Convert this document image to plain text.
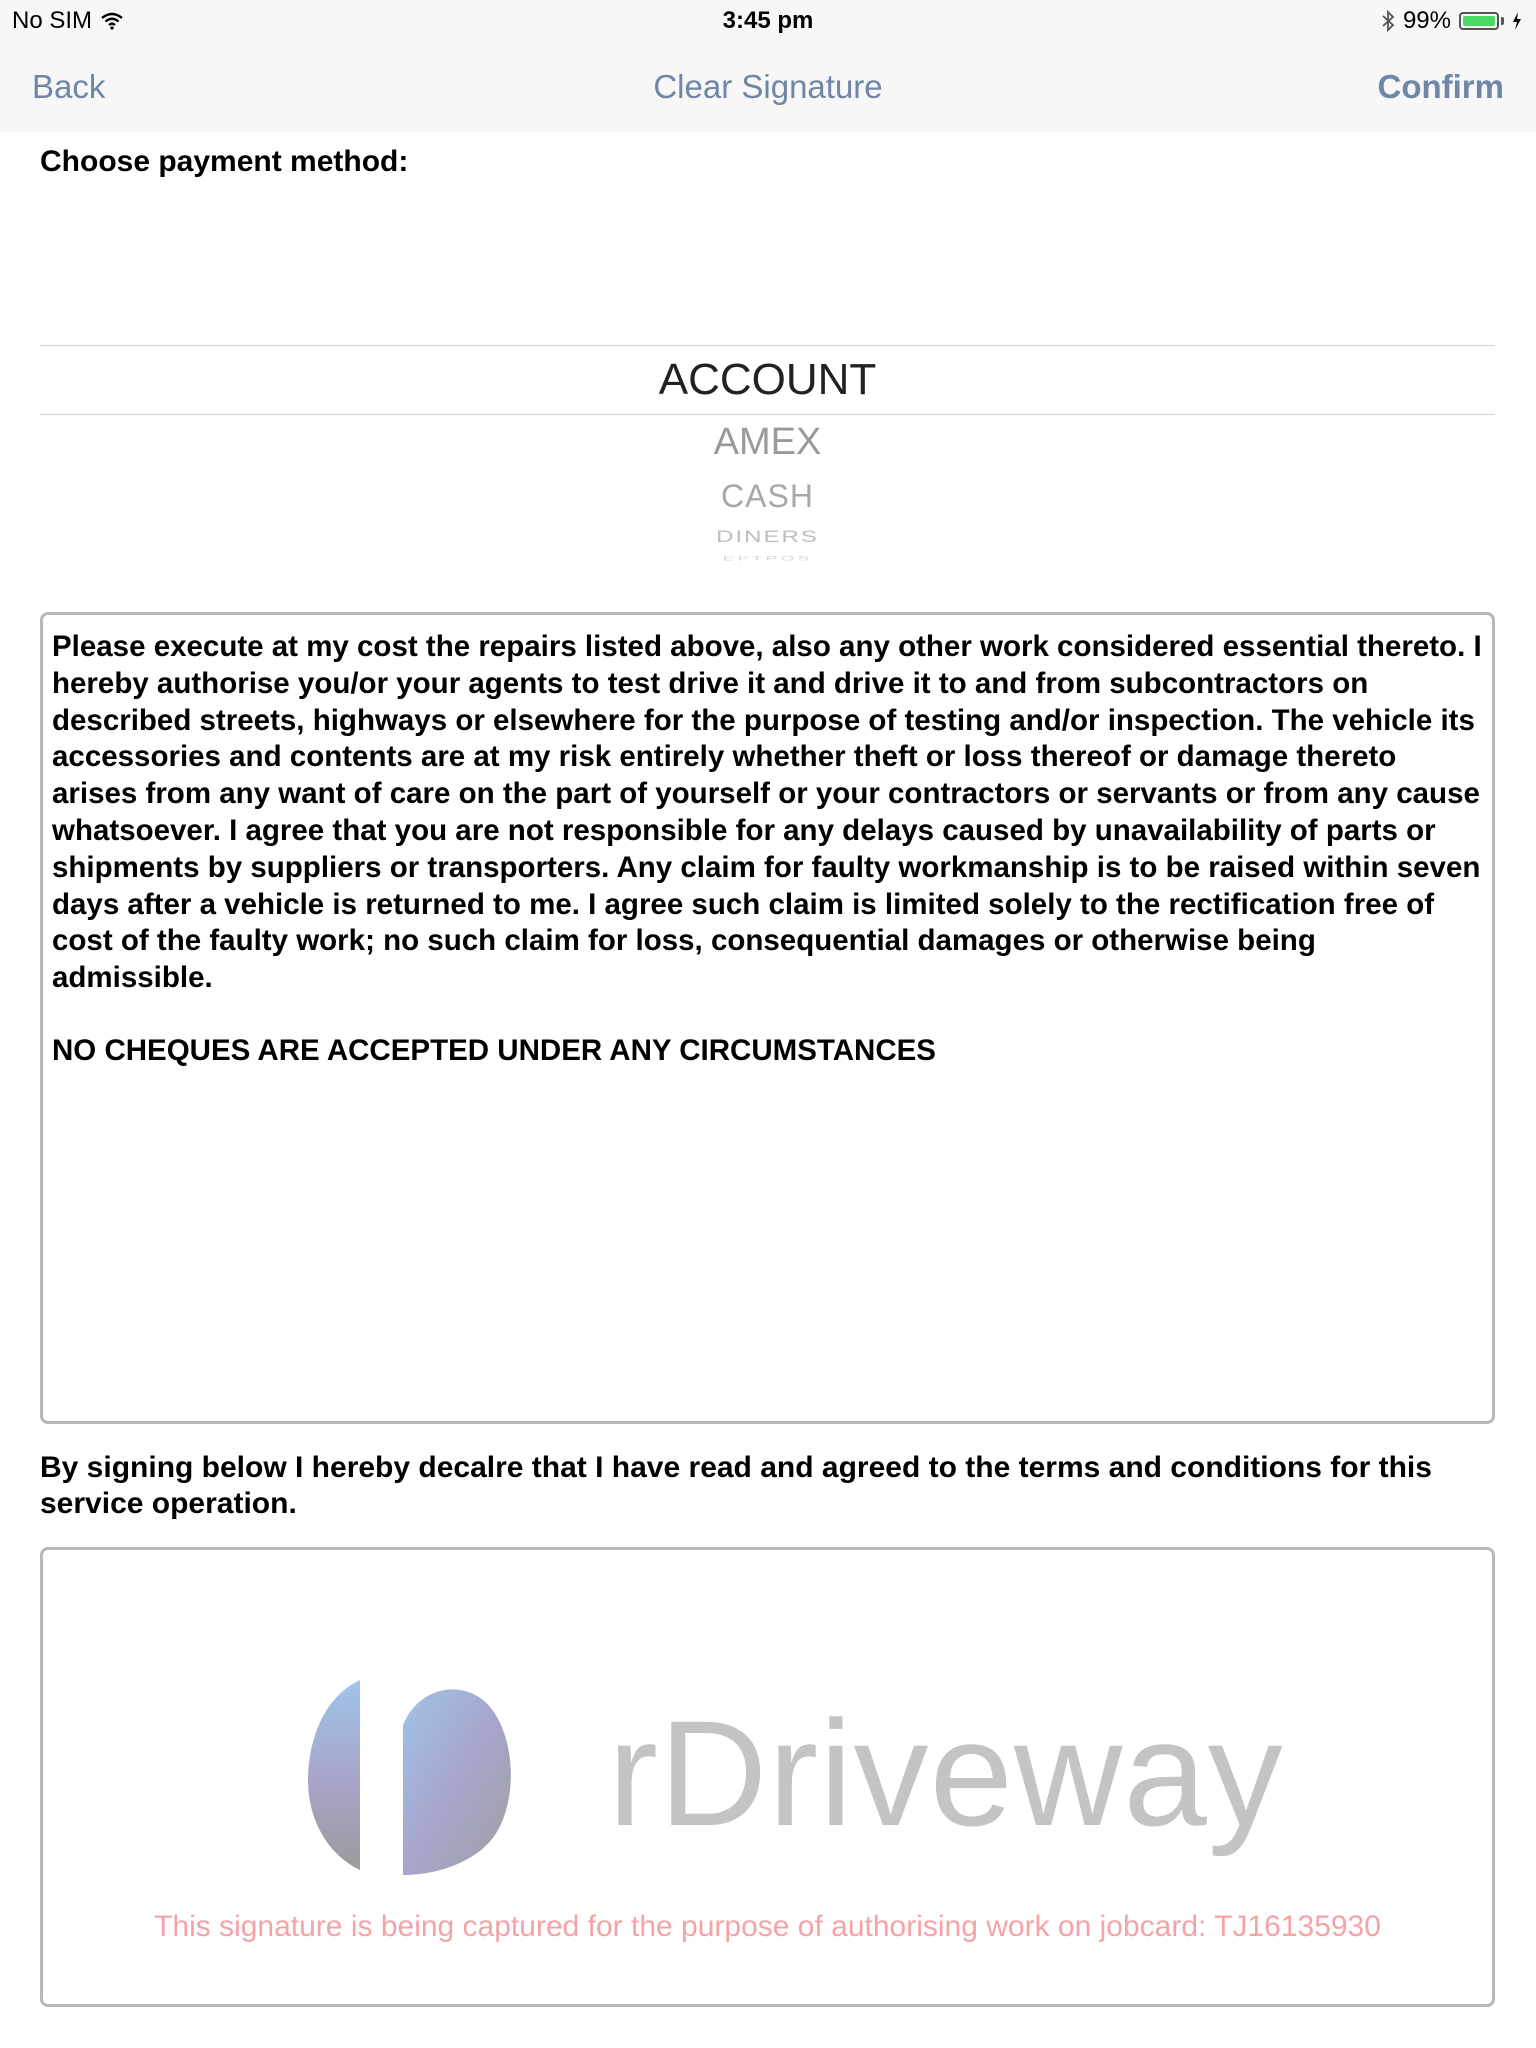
No SIM	3:45 pm	99%
Back	Clear Signature	Confirm
Choose payment method:
ACCOUNT
AMEX
CASH
DINERS
EFTPOS

Please execute at my cost the repairs listed above, also any other work considered essential thereto. I hereby authorise you/or your agents to test drive it and drive it to and from subcontractors on described streets, highways or elsewhere for the purpose of testing and/or inspection. The vehicle its accessories and contents are at my risk entirely whether theft or loss thereof or damage thereto arises from any want of care on the part of yourself or your contractors or servants or from any cause whatsoever. I agree that you are not responsible for any delays caused by unavailability of parts or shipments by suppliers or transporters. Any claim for faulty workmanship is to be raised within seven days after a vehicle is returned to me. I agree such claim is limited solely to the rectification free of cost of the faulty work; no such claim for loss, consequential damages or otherwise being admissible.

NO CHEQUES ARE ACCEPTED UNDER ANY CIRCUMSTANCES

By signing below I hereby decalre that I have read and agreed to the terms and conditions for this service operation.
rDriveway
This signature is being captured for the purpose of authorising work on jobcard: TJ16135930
